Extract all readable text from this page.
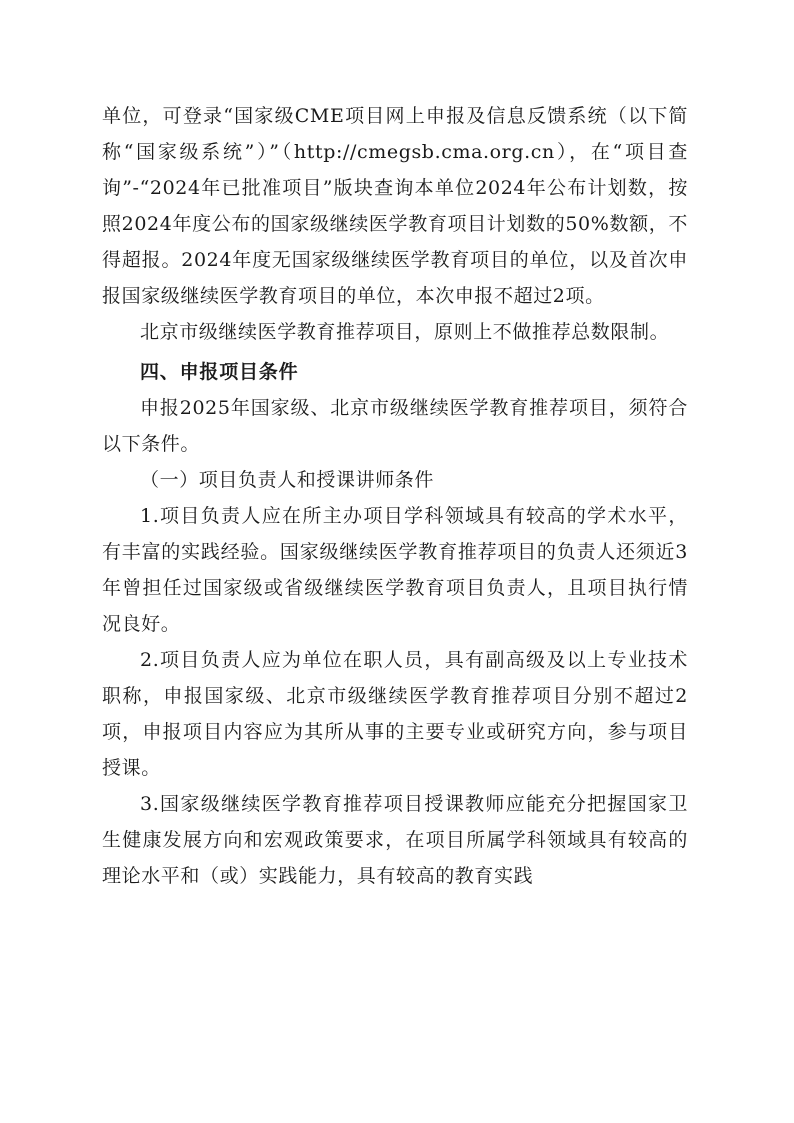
单位，可登录“国家级CME项目网上申报及信息反馈系统（以下简称“国家级系统”）”（http://cmegsb.cma.org.cn），在“项目查询”-“2024年已批准项目”版块查询本单位2024年公布计划数，按照2024年度公布的国家级继续医学教育项目计划数的50%数额，不得超报。2024年度无国家级继续医学教育项目的单位，以及首次申报国家级继续医学教育项目的单位，本次申报不超过2项。

北京市级继续医学教育推荐项目，原则上不做推荐总数限制。

四、申报项目条件

申报2025年国家级、北京市级继续医学教育推荐项目，须符合以下条件。

（一）项目负责人和授课讲师条件

1.项目负责人应在所主办项目学科领域具有较高的学术水平，有丰富的实践经验。国家级继续医学教育推荐项目的负责人还须近3年曾担任过国家级或省级继续医学教育项目负责人，且项目执行情况良好。

2.项目负责人应为单位在职人员，具有副高级及以上专业技术职称，申报国家级、北京市级继续医学教育推荐项目分别不超过2项，申报项目内容应为其所从事的主要专业或研究方向，参与项目授课。

3.国家级继续医学教育推荐项目授课教师应能充分把握国家卫生健康发展方向和宏观政策要求，在项目所属学科领域具有较高的理论水平和（或）实践能力，具有较高的教育实践
